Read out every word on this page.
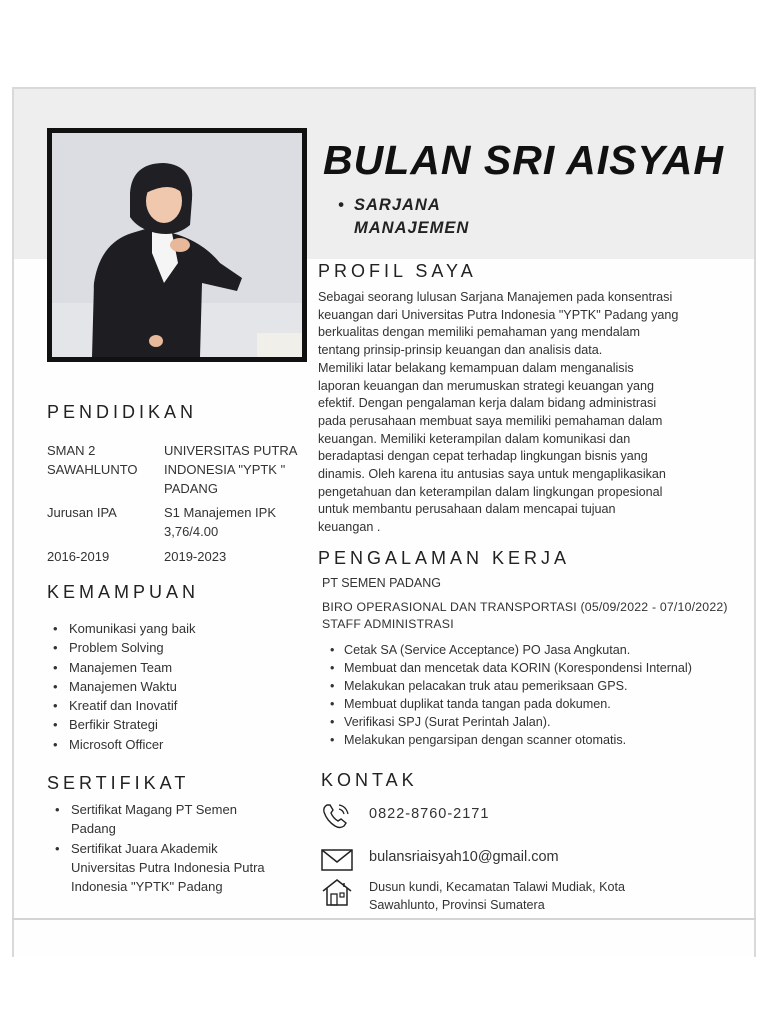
BULAN SRI AISYAH
• SARJANA
MANAJEMEN
PROFIL SAYA
Sebagai seorang lulusan Sarjana Manajemen pada konsentrasi
keuangan dari Universitas Putra Indonesia "YPTK" Padang yang
berkualitas dengan memiliki pemahaman yang mendalam
tentang prinsip-prinsip keuangan dan analisis data.
Memiliki latar belakang kemampuan dalam menganalisis
laporan keuangan dan merumuskan strategi keuangan yang
efektif. Dengan pengalaman kerja dalam bidang administrasi
pada perusahaan membuat saya memiliki pemahaman dalam
keuangan. Memiliki keterampilan dalam komunikasi dan
beradaptasi dengan cepat terhadap lingkungan bisnis yang
dinamis. Oleh karena itu antusias saya untuk mengaplikasikan
pengetahuan dan keterampilan dalam lingkungan propesional
untuk membantu perusahaan dalam mencapai tujuan
keuangan .
PENDIDIKAN
SMAN 2 SAWAHLUNTO
UNIVERSITAS PUTRA INDONESIA "YPTK " PADANG
Jurusan IPA	S1 Manajemen IPK 3,76/4.00
2016-2019	2019-2023
KEMAMPUAN
• Komunikasi yang baik
• Problem Solving
• Manajemen Team
• Manajemen Waktu
• Kreatif dan Inovatif
• Berfikir Strategi
• Microsoft Officer
SERTIFIKAT
• Sertifikat Magang PT Semen Padang
• Sertifikat Juara Akademik Universitas Putra Indonesia Putra Indonesia "YPTK" Padang
PENGALAMAN KERJA
PT SEMEN PADANG
BIRO OPERASIONAL DAN TRANSPORTASI (05/09/2022 - 07/10/2022)
STAFF ADMINISTRASI
• Cetak SA (Service Acceptance) PO Jasa Angkutan.
• Membuat dan mencetak data KORIN (Korespondensi Internal)
• Melakukan pelacakan truk atau pemeriksaan GPS.
• Membuat duplikat tanda tangan pada dokumen.
• Verifikasi SPJ (Surat Perintah Jalan).
• Melakukan pengarsipan dengan scanner otomatis.
KONTAK
0822-8760-2171
bulansriaisyah10@gmail.com
Dusun kundi, Kecamatan Talawi Mudiak, Kota
Sawahlunto, Provinsi Sumatera
